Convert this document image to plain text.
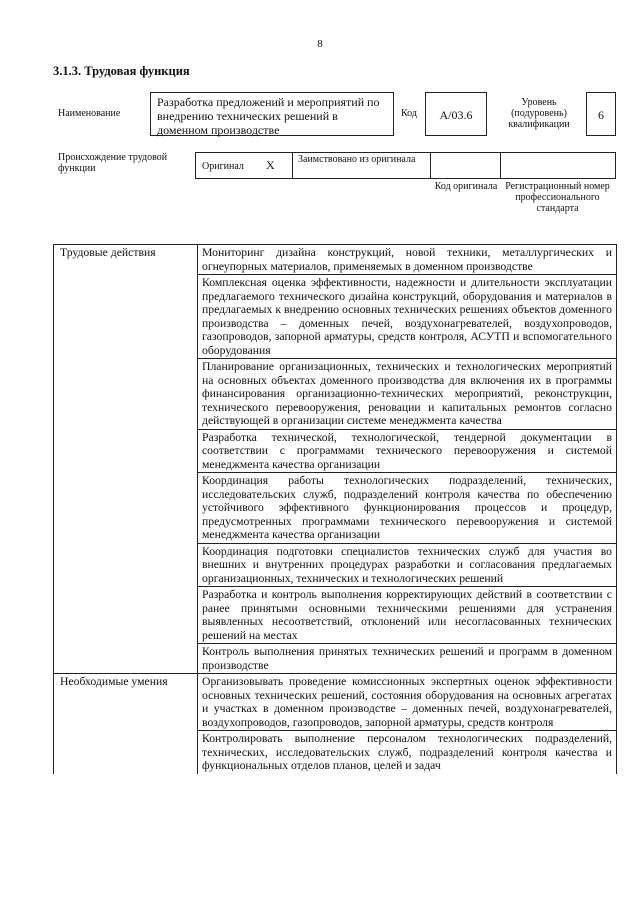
8
3.1.3. Трудовая функция
Наименование
Разработка предложений и мероприятий по внедрению технических решений в доменном производстве
Код	А/03.6
Уровень (подуровень) квалификации
6
Происхождение трудовой функции	Оригинал X Заимствовано из оригинала
Код оригинала Регистрационный номер профессионального стандарта
Трудовые действия	Мониторинг дизайна конструкций, новой техники, металлургических и огнеупорных материалов, применяемых в доменном производстве
	Комплексная оценка эффективности, надежности и длительности эксплуатации предлагаемого технического дизайна конструкций, оборудования и материалов в предлагаемых к внедрению основных технических решениях объектов доменного производства – доменных печей, воздухонагревателей, воздухопроводов, газопроводов, запорной арматуры, средств контроля, АСУТП и вспомогательного оборудования
	Планирование организационных, технических и технологических мероприятий на основных объектах доменного производства для включения их в программы финансирования организационно-технических мероприятий, реконструкции, технического перевооружения, реновации и капитальных ремонтов согласно действующей в организации системе менеджмента качества
	Разработка технической, технологической, тендерной документации в соответствии с программами технического перевооружения и системой менеджмента качества организации
	Координация работы технологических подразделений, технических, исследовательских служб, подразделений контроля качества по обеспечению устойчивого эффективного функционирования процессов и процедур, предусмотренных программами технического перевооружения и системой менеджмента качества организации
	Координация подготовки специалистов технических служб для участия во внешних и внутренних процедурах разработки и согласования предлагаемых организационных, технических и технологических решений
	Разработка и контроль выполнения корректирующих действий в соответствии с ранее принятыми основными техническими решениями для устранения выявленных несоответствий, отклонений или несогласованных технических решений на местах
	Контроль выполнения принятых технических решений и программ в доменном производстве
Необходимые умения	Организовывать проведение комиссионных экспертных оценок эффективности основных технических решений, состояния оборудования на основных агрегатах и участках в доменном производстве – доменных печей, воздухонагревателей, воздухопроводов, газопроводов, запорной арматуры, средств контроля
	Контролировать выполнение персоналом технологических подразделений, технических, исследовательских служб, подразделений контроля качества и функциональных отделов планов, целей и задач
